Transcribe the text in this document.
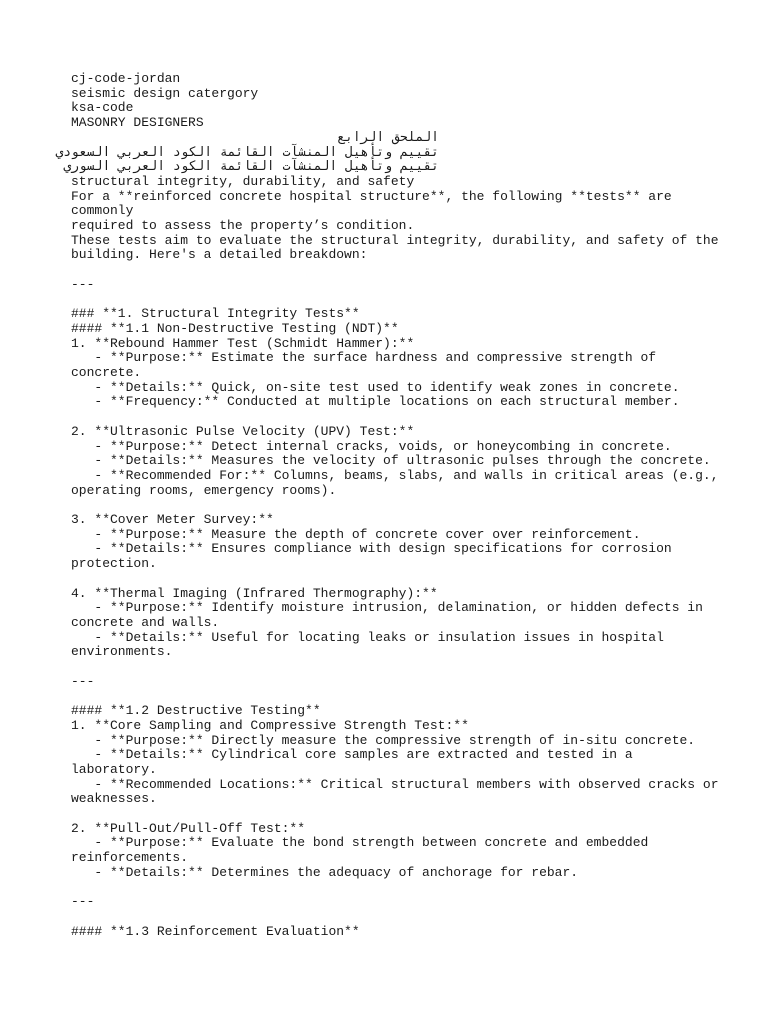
cj-code-jordan
seismic design catergory
ksa-code
MASONRY DESIGNERS
الملحق الرابع
تقييم وتأهيل المنشآت القائمة الكود العربي السعودي
تقييم وتأهيل المنشآت القائمة الكود العربي السوري
structural integrity, durability, and safety
For a **reinforced concrete hospital structure**, the following **tests** are
commonly
required to assess the property’s condition.
These tests aim to evaluate the structural integrity, durability, and safety of the
building. Here's a detailed breakdown:
---
### **1. Structural Integrity Tests**
#### **1.1 Non-Destructive Testing (NDT)**
1. **Rebound Hammer Test (Schmidt Hammer):**
- **Purpose:** Estimate the surface hardness and compressive strength of
concrete.
- **Details:** Quick, on-site test used to identify weak zones in concrete.
- **Frequency:** Conducted at multiple locations on each structural member.
2. **Ultrasonic Pulse Velocity (UPV) Test:**
- **Purpose:** Detect internal cracks, voids, or honeycombing in concrete.
- **Details:** Measures the velocity of ultrasonic pulses through the concrete.
- **Recommended For:** Columns, beams, slabs, and walls in critical areas (e.g.,
operating rooms, emergency rooms).
3. **Cover Meter Survey:**
- **Purpose:** Measure the depth of concrete cover over reinforcement.
- **Details:** Ensures compliance with design specifications for corrosion
protection.
4. **Thermal Imaging (Infrared Thermography):**
- **Purpose:** Identify moisture intrusion, delamination, or hidden defects in
concrete and walls.
- **Details:** Useful for locating leaks or insulation issues in hospital
environments.
---
#### **1.2 Destructive Testing**
1. **Core Sampling and Compressive Strength Test:**
- **Purpose:** Directly measure the compressive strength of in-situ concrete.
- **Details:** Cylindrical core samples are extracted and tested in a
laboratory.
- **Recommended Locations:** Critical structural members with observed cracks or
weaknesses.
2. **Pull-Out/Pull-Off Test:**
- **Purpose:** Evaluate the bond strength between concrete and embedded
reinforcements.
- **Details:** Determines the adequacy of anchorage for rebar.
---
#### **1.3 Reinforcement Evaluation**
